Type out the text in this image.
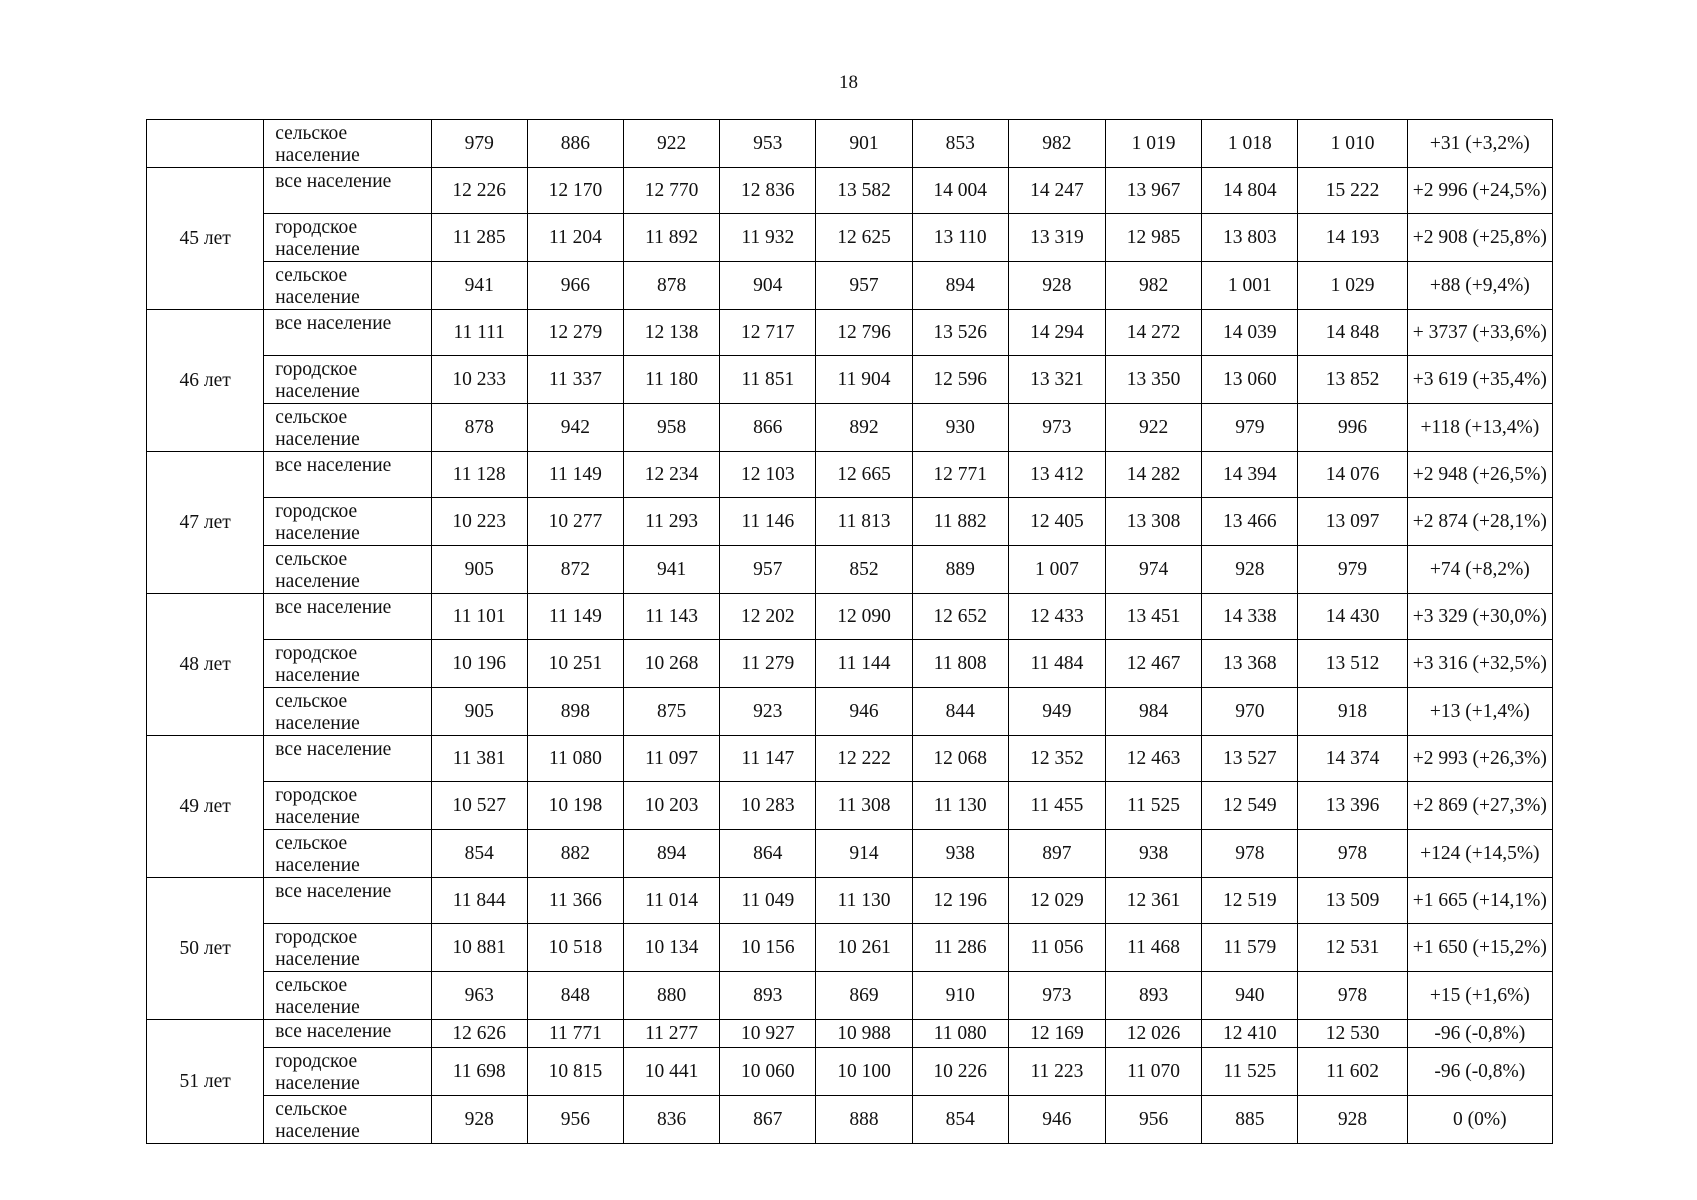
18
	сельское население	979	886	922	953	901	853	982	1 019	1 018	1 010	+31 (+3,2%)
45 лет	все население	12 226	12 170	12 770	12 836	13 582	14 004	14 247	13 967	14 804	15 222	+2 996 (+24,5%)
	городское население	11 285	11 204	11 892	11 932	12 625	13 110	13 319	12 985	13 803	14 193	+2 908 (+25,8%)
	сельское население	941	966	878	904	957	894	928	982	1 001	1 029	+88 (+9,4%)
46 лет	все население	11 111	12 279	12 138	12 717	12 796	13 526	14 294	14 272	14 039	14 848	+ 3737 (+33,6%)
	городское население	10 233	11 337	11 180	11 851	11 904	12 596	13 321	13 350	13 060	13 852	+3 619 (+35,4%)
	сельское население	878	942	958	866	892	930	973	922	979	996	+118 (+13,4%)
47 лет	все население	11 128	11 149	12 234	12 103	12 665	12 771	13 412	14 282	14 394	14 076	+2 948 (+26,5%)
	городское население	10 223	10 277	11 293	11 146	11 813	11 882	12 405	13 308	13 466	13 097	+2 874 (+28,1%)
	сельское население	905	872	941	957	852	889	1 007	974	928	979	+74 (+8,2%)
48 лет	все население	11 101	11 149	11 143	12 202	12 090	12 652	12 433	13 451	14 338	14 430	+3 329 (+30,0%)
	городское население	10 196	10 251	10 268	11 279	11 144	11 808	11 484	12 467	13 368	13 512	+3 316 (+32,5%)
	сельское население	905	898	875	923	946	844	949	984	970	918	+13 (+1,4%)
49 лет	все население	11 381	11 080	11 097	11 147	12 222	12 068	12 352	12 463	13 527	14 374	+2 993 (+26,3%)
	городское население	10 527	10 198	10 203	10 283	11 308	11 130	11 455	11 525	12 549	13 396	+2 869 (+27,3%)
	сельское население	854	882	894	864	914	938	897	938	978	978	+124 (+14,5%)
50 лет	все население	11 844	11 366	11 014	11 049	11 130	12 196	12 029	12 361	12 519	13 509	+1 665 (+14,1%)
	городское население	10 881	10 518	10 134	10 156	10 261	11 286	11 056	11 468	11 579	12 531	+1 650 (+15,2%)
	сельское население	963	848	880	893	869	910	973	893	940	978	+15 (+1,6%)
51 лет	все население	12 626	11 771	11 277	10 927	10 988	11 080	12 169	12 026	12 410	12 530	-96 (-0,8%)
	городское население	11 698	10 815	10 441	10 060	10 100	10 226	11 223	11 070	11 525	11 602	-96 (-0,8%)
	сельское население	928	956	836	867	888	854	946	956	885	928	0 (0%)
